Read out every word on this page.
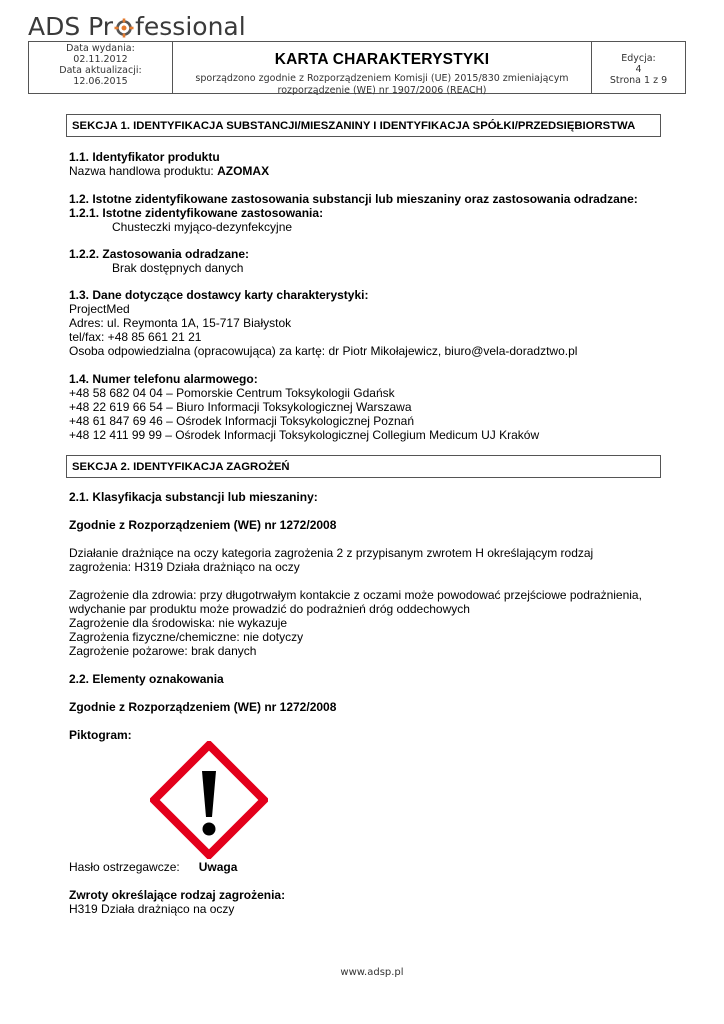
ADS Pr fessional
Data wydania:
02.11.2012
Data aktualizacji:
12.06.2015
KARTA CHARAKTERYSTYKI
sporządzono zgodnie z Rozporządzeniem Komisji (UE) 2015/830 zmieniającym
rozporządzenie (WE) nr 1907/2006 (REACH)
Edycja:
4
Strona 1 z 9
SEKCJA 1. IDENTYFIKACJA SUBSTANCJI/MIESZANINY I IDENTYFIKACJA SPÓŁKI/PRZEDSIĘBIORSTWA
1.1. Identyfikator produktu
Nazwa handlowa produktu: AZOMAX
1.2. Istotne zidentyfikowane zastosowania substancji lub mieszaniny oraz zastosowania odradzane:
1.2.1. Istotne zidentyfikowane zastosowania:
Chusteczki myjąco-dezynfekcyjne
1.2.2. Zastosowania odradzane:
Brak dostępnych danych
1.3. Dane dotyczące dostawcy karty charakterystyki:
ProjectMed
Adres: ul. Reymonta 1A, 15-717 Białystok
tel/fax: +48 85 661 21 21
Osoba odpowiedzialna (opracowująca) za kartę: dr Piotr Mikołajewicz, biuro@vela-doradztwo.pl
1.4. Numer telefonu alarmowego:
+48 58 682 04 04 – Pomorskie Centrum Toksykologii Gdańsk
+48 22 619 66 54 – Biuro Informacji Toksykologicznej Warszawa
+48 61 847 69 46 – Ośrodek Informacji Toksykologicznej Poznań
+48 12 411 99 99 – Ośrodek Informacji Toksykologicznej Collegium Medicum UJ Kraków
SEKCJA 2. IDENTYFIKACJA ZAGROŻEŃ
2.1. Klasyfikacja substancji lub mieszaniny:
Zgodnie z Rozporządzeniem (WE) nr 1272/2008
Działanie drażniące na oczy kategoria zagrożenia 2 z przypisanym zwrotem H określającym rodzaj
zagrożenia: H319 Działa drażniąco na oczy
Zagrożenie dla zdrowia: przy długotrwałym kontakcie z oczami może powodować przejściowe podrażnienia,
wdychanie par produktu może prowadzić do podrażnień dróg oddechowych
Zagrożenie dla środowiska: nie wykazuje
Zagrożenia fizyczne/chemiczne: nie dotyczy
Zagrożenie pożarowe: brak danych
2.2. Elementy oznakowania
Zgodnie z Rozporządzeniem (WE) nr 1272/2008
Piktogram:
Hasło ostrzegawcze: Uwaga
Zwroty określające rodzaj zagrożenia:
H319 Działa drażniąco na oczy
www.adsp.pl
